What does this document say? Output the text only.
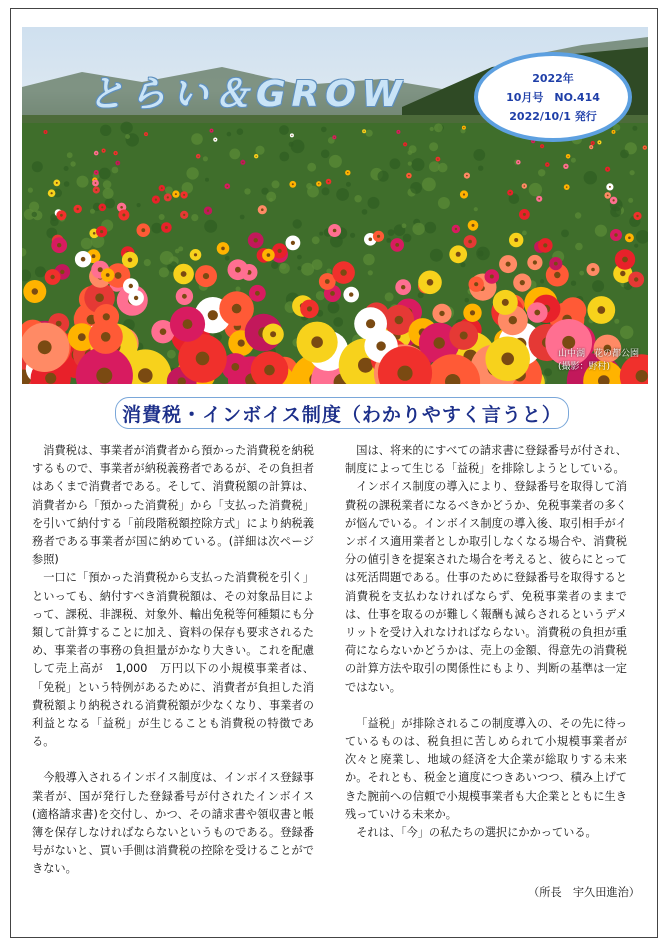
とらい＆GROW	2022年
10月号　NO.414
2022/10/1 発行
山中湖　花の都公園
(撮影：野村)
消費税・インボイス制度（わかりやすく言うと）

消費税は、事業者が消費者から預かった消費税を納税するもので、事業者が納税義務者であるが、その負担者はあくまで消費者である。そして、消費税額の計算は、消費者から「預かった消費税」から「支払った消費税」を引いて納付する「前段階税額控除方式」により納税義務者である事業者が国に納めている。(詳細は次ページ参照)

一口に「預かった消費税から支払った消費税を引く」といっても、納付すべき消費税額は、その対象品目によって、課税、非課税、対象外、輸出免税等何種類にも分類して計算することに加え、資料の保存も要求されるため、事業者の事務の負担量がかなり大きい。これを配慮して売上高が　1,000　万円以下の小規模事業者は、「免税」という特例があるために、消費者が負担した消費税額より納税される消費税額が少なくなり、事業者の利益となる「益税」が生じることも消費税の特徴である。

今般導入されるインボイス制度は、インボイス登録事業者が、国が発行した登録番号が付されたインボイス(適格請求書)を交付し、かつ、その請求書や領収書と帳簿を保存しなければならないというものである。登録番号がないと、買い手側は消費税の控除を受けることができない。

国は、将来的にすべての請求書に登録番号が付され、制度によって生じる「益税」を排除しようとしている。

インボイス制度の導入により、登録番号を取得して消費税の課税業者になるべきかどうか、免税事業者の多くが悩んでいる。インボイス制度の導入後、取引相手がインボイス適用業者としか取引しなくなる場合や、消費税分の値引きを提案された場合を考えると、彼らにとっては死活問題である。仕事のために登録番号を取得すると消費税を支払わなければならず、免税事業者のままでは、仕事を取るのが難しく報酬も減らされるというデメリットを受け入れなければならない。消費税の負担が重荷にならないかどうかは、売上の金額、得意先の消費税の計算方法や取引の関係性にもより、判断の基準は一定ではない。

「益税」が排除されるこの制度導入の、その先に待っているものは、税負担に苦しめられて小規模事業者が次々と廃業し、地域の経済を大企業が総取りする未来か。それとも、税金と適度につきあいつつ、積み上げてきた腕前への信頼で小規模事業者も大企業とともに生き残っていける未来か。

それは、「今」の私たちの選択にかかっている。

（所長　宇久田進治）
